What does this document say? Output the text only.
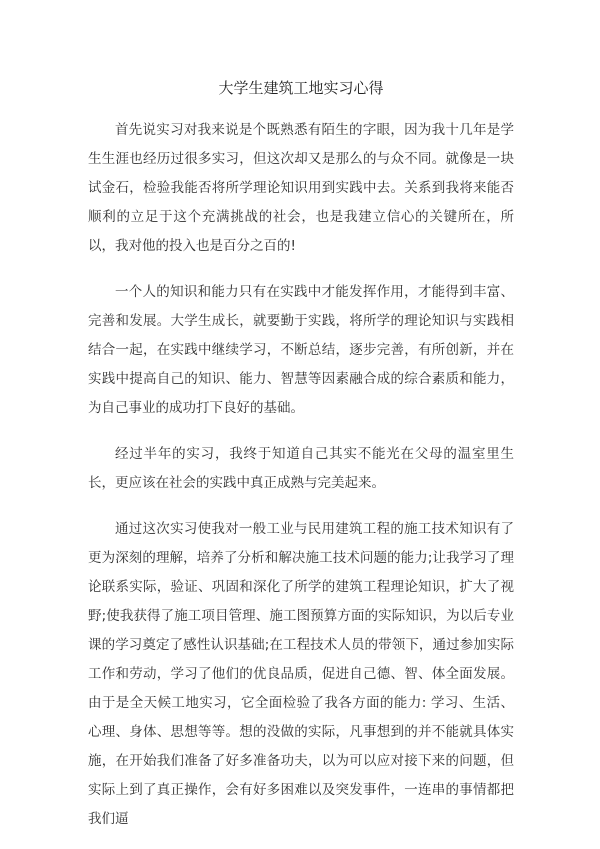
大学生建筑工地实习心得

首先说实习对我来说是个既熟悉有陌生的字眼，因为我十几年是学生生涯也经历过很多实习，但这次却又是那么的与众不同。就像是一块试金石，检验我能否将所学理论知识用到实践中去。关系到我将来能否顺利的立足于这个充满挑战的社会，也是我建立信心的关键所在，所以，我对他的投入也是百分之百的!

一个人的知识和能力只有在实践中才能发挥作用，才能得到丰富、完善和发展。大学生成长，就要勤于实践，将所学的理论知识与实践相结合一起，在实践中继续学习，不断总结，逐步完善，有所创新，并在实践中提高自己的知识、能力、智慧等因素融合成的综合素质和能力，为自己事业的成功打下良好的基础。

经过半年的实习，我终于知道自己其实不能光在父母的温室里生长，更应该在社会的实践中真正成熟与完美起来。

通过这次实习使我对一般工业与民用建筑工程的施工技术知识有了更为深刻的理解，培养了分析和解决施工技术问题的能力;让我学习了理论联系实际，验证、巩固和深化了所学的建筑工程理论知识，扩大了视野;使我获得了施工项目管理、施工图预算方面的实际知识，为以后专业课的学习奠定了感性认识基础;在工程技术人员的带领下，通过参加实际工作和劳动，学习了他们的优良品质，促进自己德、智、体全面发展。由于是全天候工地实习，它全面检验了我各方面的能力: 学习、生活、心理、身体、思想等等。想的没做的实际，凡事想到的并不能就具体实施，在开始我们准备了好多准备功夫，以为可以应对接下来的问题，但实际上到了真正操作，会有好多困难以及突发事件，一连串的事情都把我们逼
